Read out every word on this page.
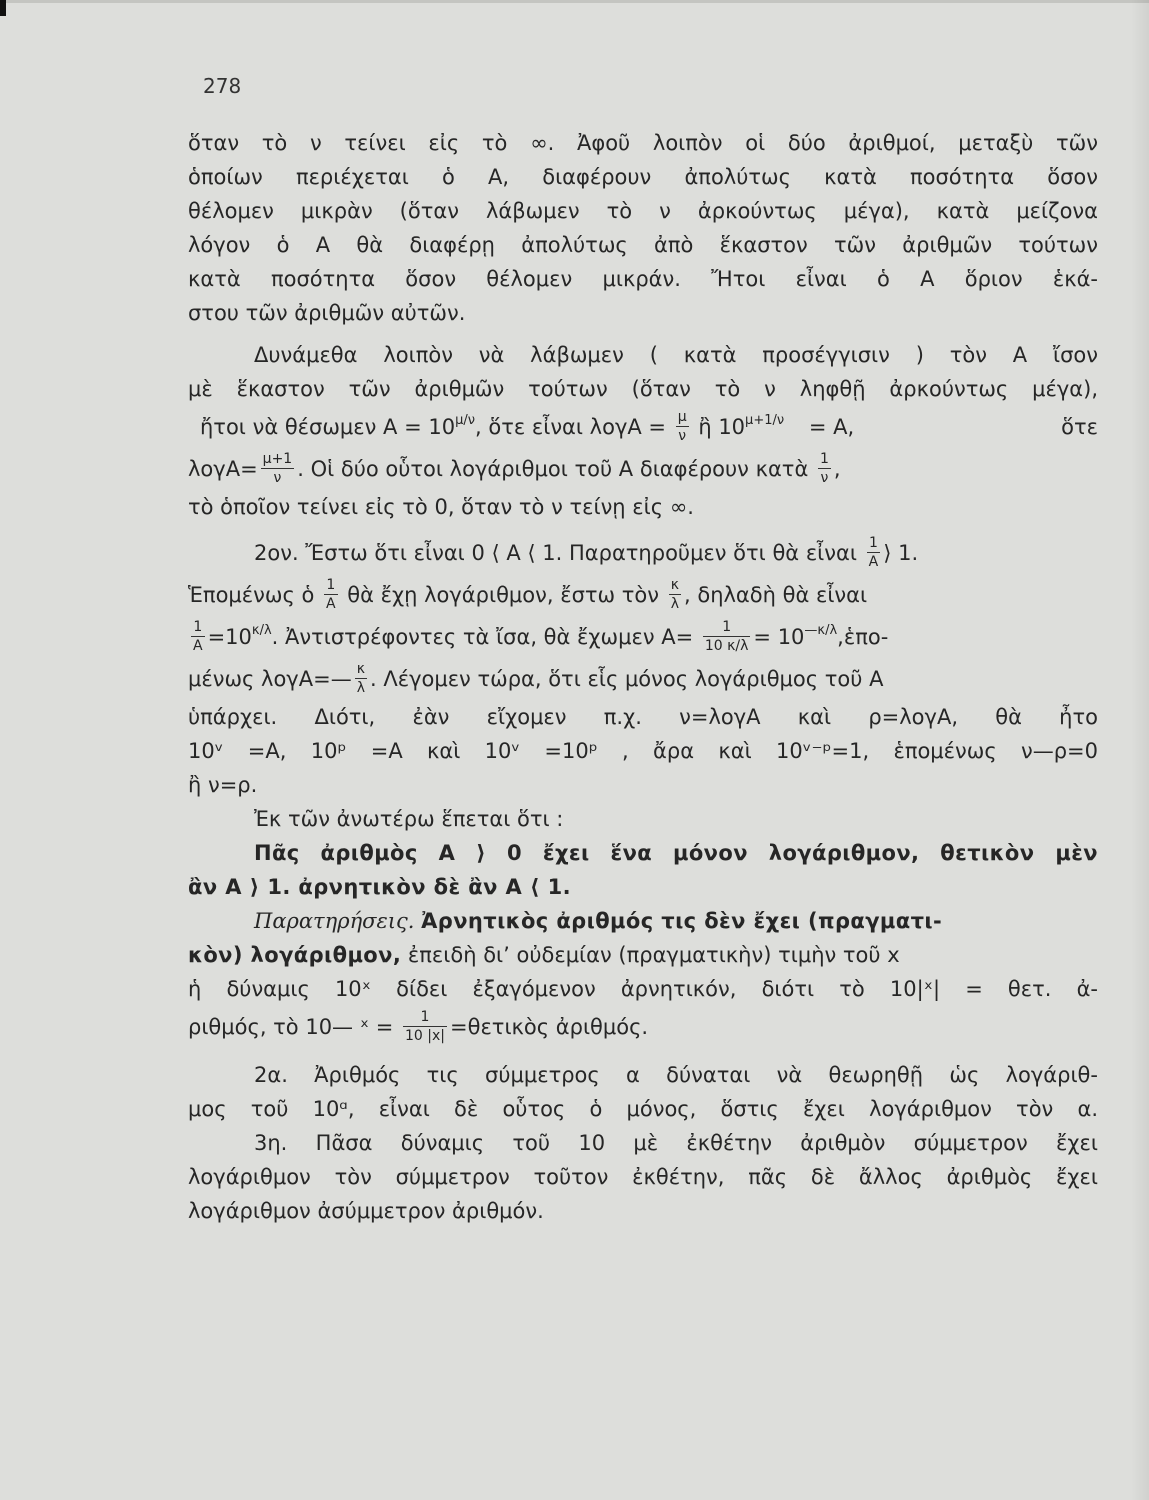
278
ὅταν τὸ ν τείνει εἰς τὸ ∞. Ἀφοῦ λοιπὸν οἱ δύο ἀριθμοί, μεταξὺ τῶν
ὁποίων περιέχεται ὁ Α, διαφέρουν ἀπολύτως κατὰ ποσότητα ὅσον
θέλομεν μικρὰν (ὅταν λάβωμεν τὸ ν ἀρκούντως μέγα), κατὰ μείζονα
λόγον ὁ Α θὰ διαφέρῃ ἀπολύτως ἀπὸ ἕκαστον τῶν ἀριθμῶν τούτων
κατὰ ποσότητα ὅσον θέλομεν μικράν. Ἤτοι εἶναι ὁ Α ὅριον ἑκά-
στου τῶν ἀριθμῶν αὐτῶν.
Δυνάμεθα λοιπὸν νὰ λάβωμεν ( κατὰ προσέγγισιν ) τὸν Α ἴσον
μὲ ἕκαστον τῶν ἀριθμῶν τούτων (ὅταν τὸ ν ληφθῇ ἀρκούντως μέγα),
ἤτοι νὰ θέσωμεν $A = 10^{\mu/\nu}$, ὅτε εἶναι $\lambda o\gamma A = \frac{\mu}{\nu}$ ἢ $10^{\mu+1/\nu} = A$,	ὅτε
$\lambda o\gamma A= \frac{\mu+1}{\nu}$ . Οἱ δύο οὗτοι λογάριθμοι τοῦ Α διαφέρουν κατὰ $\frac{1}{\nu}$ ,
τὸ ὁποῖον τείνει εἰς τὸ 0, ὅταν τὸ ν τείνῃ εἰς ∞.
2ον. Ἔστω ὅτι εἶναι 0 ⟨ Α ⟨ 1. Παρατηροῦμεν ὅτι θὰ εἶναι $\frac{1}{A}$ ⟩ 1.
Ἑπομένως ὁ $\frac{1}{A}$ θὰ ἔχῃ λογάριθμον, ἔστω τὸν $\frac{\kappa}{\lambda}$ , δηλαδὴ θὰ εἶναι
$\frac{1}{A} =10^{\kappa/\lambda}$. Ἀντιστρέφοντες τὰ ἴσα, θὰ ἔχωμεν $A= \frac{1}{10 \kappa/\lambda}$ = $10^{—\kappa/\lambda},ἑ\pi o-$
μένως λογΑ=— $\frac{\kappa}{\lambda}$ . Λέγομεν τώρα, ὅτι εἷς μόνος λογάριθμος τοῦ Α
ὑπάρχει. Διότι, ἐὰν εἴχομεν π.χ. ν=λογΑ καὶ ρ=λογΑ, θὰ ἦτο
10ᵛ =Α, 10ᵖ =Α καὶ 10ᵛ =10ᵖ , ἄρα καὶ 10ᵛ⁻ᵖ=1, ἑπομένως ν—ρ=0
ἢ ν=ρ.
Ἐκ τῶν ἀνωτέρω ἕπεται ὅτι :
Πᾶς ἀριθμὸς Α ⟩ 0 ἔχει ἕνα μόνον λογάριθμον, θετικὸν μὲν
ἂν Α ⟩ 1. ἀρνητικὸν δὲ ἂν Α ⟨ 1.
Παρατηρήσεις. Ἀρνητικὸς ἀριθμός τις δὲν ἔχει (πραγματι-
κὸν) λογάριθμον, ἐπειδὴ δι’ οὐδεμίαν (πραγματικὴν) τιμὴν τοῦ x
ἡ δύναμις 10ˣ δίδει ἐξαγόμενον ἀρνητικόν, διότι τὸ 10|ˣ| = θετ. ἀ-
ριθμός, τὸ 10— ˣ = $\frac{1}{10 |x|}$ =θετικὸς ἀριθμός.
2α. Ἀριθμός τις σύμμετρος α δύναται νὰ θεωρηθῇ ὡς λογάριθ-
μος τοῦ 10ᵅ, εἶναι δὲ οὗτος ὁ μόνος, ὅστις ἔχει λογάριθμον τὸν α.
3η. Πᾶσα δύναμις τοῦ 10 μὲ ἐκθέτην ἀριθμὸν σύμμετρον ἔχει
λογάριθμον τὸν σύμμετρον τοῦτον ἐκθέτην, πᾶς δὲ ἄλλος ἀριθμὸς ἔχει
λογάριθμον ἀσύμμετρον ἀριθμόν.
